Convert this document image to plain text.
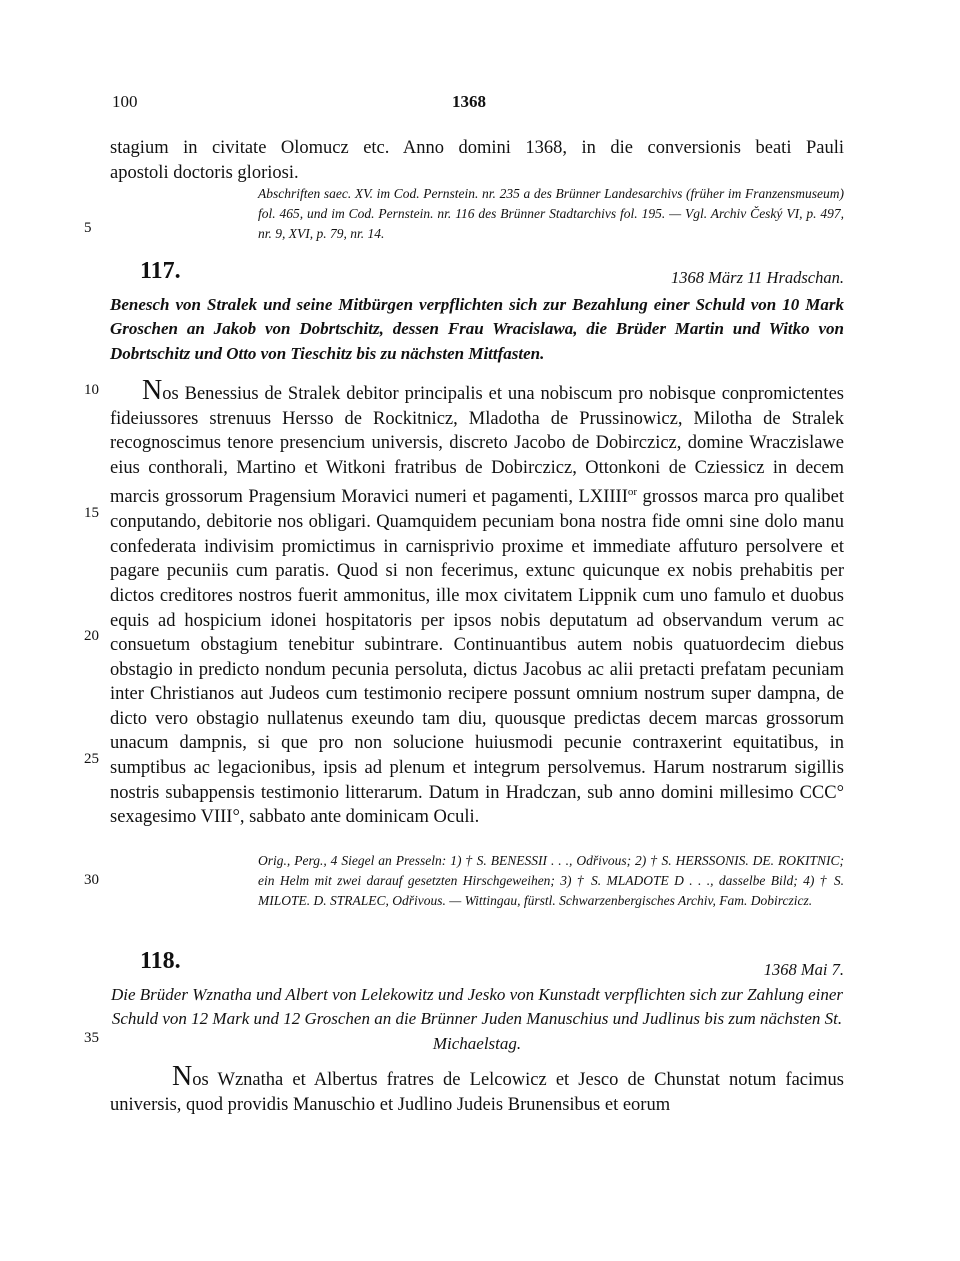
100	1368
5
10
15
20
25
30
35
stagium in civitate Olomucz etc. Anno domini 1368, in die conversionis beati Pauli
apostoli doctoris gloriosi.
Abschriften saec. XV. im Cod. Pernstein. nr. 235 a des Brünner Landesarchivs (früher im Franzensmuseum) fol. 465, und im Cod. Pernstein. nr. 116 des Brünner Stadtarchivs fol. 195. — Vgl. Archiv Český VI, p. 497, nr. 9, XVI, p. 79, nr. 14.
117.	1368 März 11 Hradschan.
Benesch von Stralek und seine Mitbürgen verpflichten sich zur Bezahlung einer Schuld von 10 Mark Groschen an Jakob von Dobrtschitz, dessen Frau Wracislawa, die Brüder Martin und Witko von Dobrtschitz und Otto von Tieschitz bis zu nächsten Mittfasten.
Nos Benessius de Stralek debitor principalis et una nobiscum pro nobisque conpromictentes fideiussores strenuus Hersso de Rockitnicz, Mladotha de Prussinowicz, Milotha de Stralek recognoscimus tenore presencium universis, discreto Jacobo de Dobirczicz, domine Wraczislawe eius conthorali, Martino et Witkoni fratribus de Dobirczicz, Ottonkoni de Cziessicz in decem marcis grossorum Pragensium Moravici numeri et pagamenti, $LXIIII^{or}$ grossos marca pro qualibet conputando, debitorie nos obligari. Quamquidem pecuniam bona nostra fide omni sine dolo manu confederata indivisim promictimus in carnisprivio proxime et immediate affuturo persolvere et pagare pecuniis cum paratis. Quod si non fecerimus, extunc quicunque ex nobis prehabitis per dictos creditores nostros fuerit ammonitus, ille mox civitatem Lippnik cum uno famulo et duobus equis ad hospicium idonei hospitatoris per ipsos nobis deputatum ad observandum verum ac consuetum obstagium tenebitur subintrare. Continuantibus autem nobis quatuordecim diebus obstagio in predicto nondum pecunia persoluta, dictus Jacobus ac alii pretacti prefatam pecuniam inter Christianos aut Judeos cum testimonio recipere possunt omnium nostrum super dampna, de dicto vero obstagio nullatenus exeundo tam diu, quousque predictas decem marcas grossorum unacum dampnis, si que pro non solucione huiusmodi pecunie contraxerint equitatibus, in sumptibus ac legacionibus, ipsis ad plenum et integrum persolvemus. Harum nostrarum sigillis nostris subappensis testimonio litterarum. Datum in Hradczan, sub anno domini millesimo CCC° sexagesimo VIII°, sabbato ante dominicam Oculi.
Orig., Perg., 4 Siegel an Presseln: 1) † S. BENESSII . . ., Odřivous; 2) † S. HERSSONIS. DE. ROKITNIC; ein Helm mit zwei darauf gesetzten Hirschgeweihen; 3) † S. MLADOTE D . . ., dasselbe Bild; 4) † S. MILOTE. D. STRALEC, Odřivous. — Wittingau, fürstl. Schwarzenbergisches Archiv, Fam. Dobirczicz.
118.	1368 Mai 7.
Die Brüder Wznatha und Albert von Lelekowitz und Jesko von Kunstadt verpflichten sich zur Zahlung einer Schuld von 12 Mark und 12 Groschen an die Brünner Juden Manuschius und Judlinus bis zum nächsten St. Michaelstag.
Nos Wznatha et Albertus fratres de Lelcowicz et Jesco de Chunstat notum facimus universis, quod providis Manuschio et Judlino Judeis Brunensibus et eorum
